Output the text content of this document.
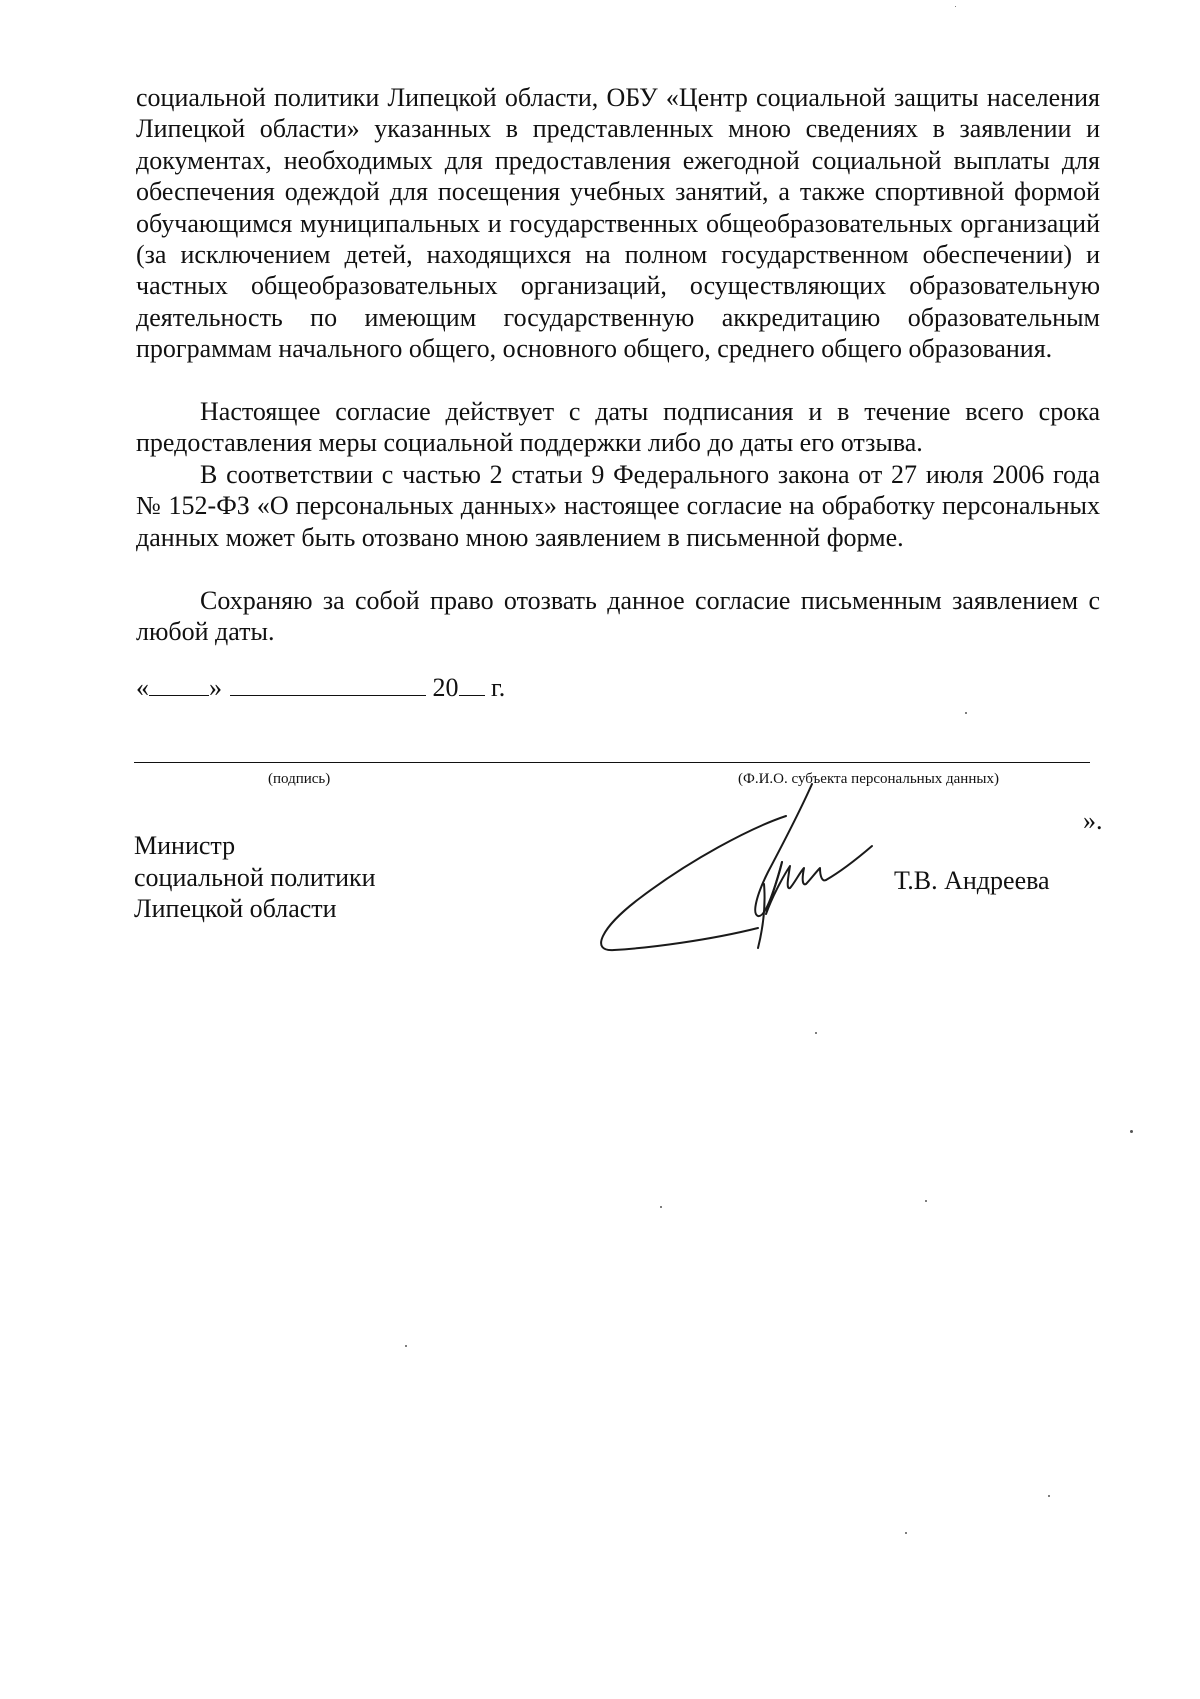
социальной политики Липецкой области, ОБУ «Центр социальной защиты населения Липецкой области» указанных в представленных мною сведениях в заявлении и документах, необходимых для предоставления ежегодной социальной выплаты для обеспечения одеждой для посещения учебных занятий, а также спортивной формой обучающимся муниципальных и государственных общеобразовательных организаций (за исключением детей, находящихся на полном государственном обеспечении) и частных общеобразовательных организаций, осуществляющих образовательную деятельность по имеющим государственную аккредитацию образовательным программам начального общего, основного общего, среднего общего образования.

Настоящее согласие действует с даты подписания и в течение всего срока предоставления меры социальной поддержки либо до даты его отзыва.

В соответствии с частью 2 статьи 9 Федерального закона от 27 июля 2006 года № 152-ФЗ «О персональных данных» настоящее согласие на обработку персональных данных может быть отозвано мною заявлением в письменной форме.

Сохраняю за собой право отозвать данное согласие письменным заявлением с любой даты.

« »	20 г.
(подпись)	(Ф.И.О. субъекта персональных данных)
».
Министр
социальной политики
Липецкой области
Т.В. Андреева
